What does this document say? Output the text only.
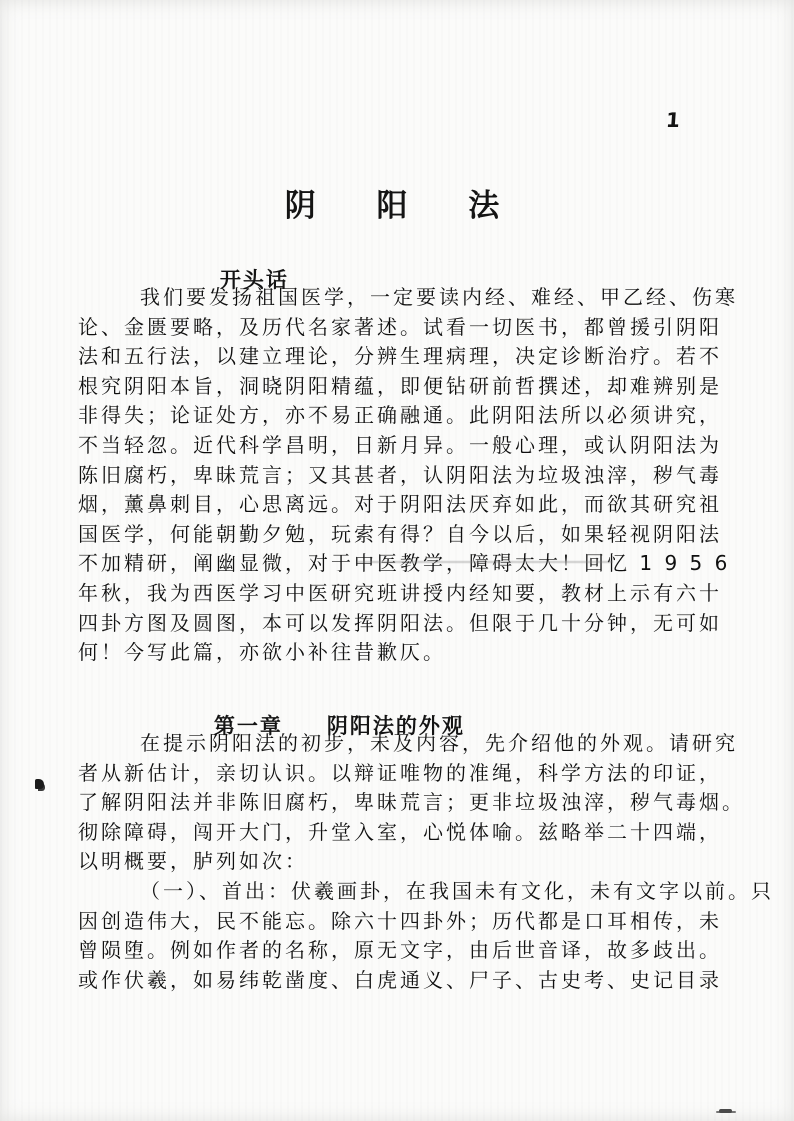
1
阴 阳 法

开头话

我们要发扬祖国医学，一定要读内经、难经、甲乙经、伤寒
论、金匮要略，及历代名家著述。试看一切医书，都曾援引阴阳
法和五行法，以建立理论，分辨生理病理，决定诊断治疗。若不
根究阴阳本旨，洞晓阴阳精蕴，即便钻研前哲撰述，却难辨别是
非得失；论证处方，亦不易正确融通。此阴阳法所以必须讲究，
不当轻忽。近代科学昌明，日新月异。一般心理，或认阴阳法为
陈旧腐朽，卑昧荒言；又其甚者，认阴阳法为垃圾浊滓，秽气毒
烟，薰鼻刺目，心思离远。对于阴阳法厌弃如此，而欲其研究祖
国医学，何能朝勤夕勉，玩索有得？自今以后，如果轻视阴阳法
不加精研，阐幽显微，对于中医教学，障碍太大！回忆 1 9 5 6
年秋，我为西医学习中医研究班讲授内经知要，教材上示有六十
四卦方图及圆图，本可以发挥阴阳法。但限于几十分钟，无可如
何！今写此篇，亦欲小补往昔歉仄。

第一章 阴阳法的外观

在提示阴阳法的初步，未及内容，先介绍他的外观。请研究
者从新估计，亲切认识。以辩证唯物的准绳，科学方法的印证，
了解阴阳法并非陈旧腐朽，卑昧荒言；更非垃圾浊滓，秽气毒烟。
彻除障碍，闯开大门，升堂入室，心悦体喻。兹略举二十四端，
以明概要，胪列如次：
（一）、首出：伏羲画卦，在我国未有文化，未有文字以前。只
因创造伟大，民不能忘。除六十四卦外；历代都是口耳相传，未
曾陨堕。例如作者的名称，原无文字，由后世音译，故多歧出。
或作伏羲，如易纬乾凿度、白虎通义、尸子、古史考、史记目录
